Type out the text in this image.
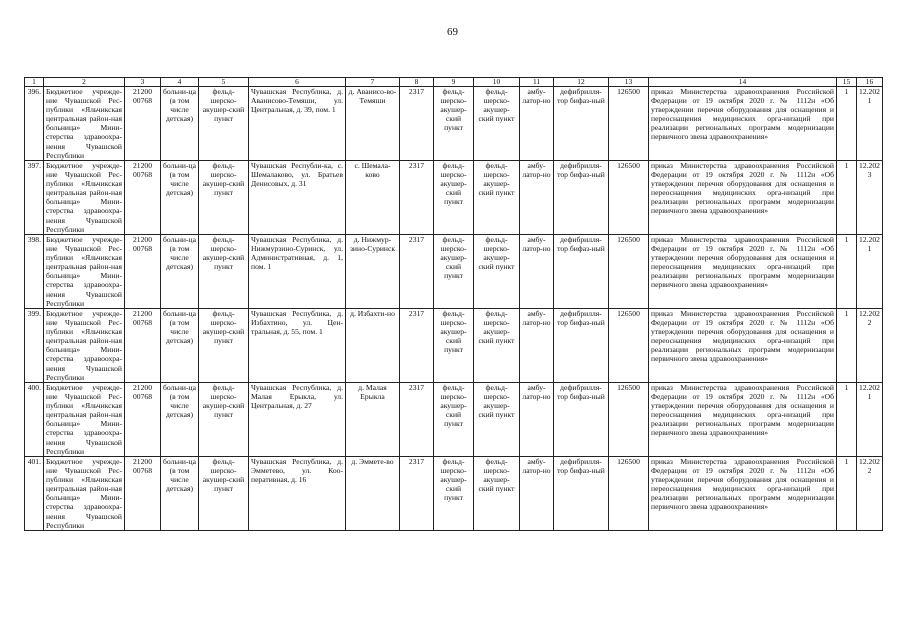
69
1	2	3	4	5	6	7	8	9	10	11	12	13	14	15	16
396.	Бюджетное учрежде-ние Чувашской Рес-публики «Яльчикская центральная район-ная больница» Мини-стерства здравоохра-нения Чувашской Республики	21200 00768	больни-ца (в том числе детская)	фельд-шерско-акушер-ский пункт	Чувашская Республика, д. Аванисово-Темяши, ул. Центральная, д. 39, пом. 1	д. Аванисо-во-Темяши	2317	фельд-шерско-акушер-ский пункт	фельд-шерско-акушер-ский пункт	амбу-латор-но	дефибрилля-тор бифаз-ный	126500	приказ Министерства здравоохранения Российской Федерации от 19 октября 2020 г. № 1112н «Об утверждении перечня оборудования для оснащения и переоснащения медицинских орга-низаций при реализации региональных программ модернизации первичного звена здравоохранения»	1	12.2021
397.	Бюджетное учрежде-ние Чувашской Рес-публики «Яльчикская центральная район-ная больница» Мини-стерства здравоохра-нения Чувашской Республики	21200 00768	больни-ца (в том числе детская)	фельд-шерско-акушер-ский пункт	Чувашская Республи-ка, с. Шемалаково, ул. Братьев Денисовых, д. 31	с. Шемала-ково	2317	фельд-шерско-акушер-ский пункт	фельд-шерско-акушер-ский пункт	амбу-латор-но	дефибрилля-тор бифаз-ный	126500	приказ Министерства здравоохранения Российской Федерации от 19 октября 2020 г. № 1112н «Об утверждении перечня оборудования для оснащения и переоснащения медицинских орга-низаций при реализации региональных программ модернизации первичного звена здравоохранения»	1	12.2023
398.	Бюджетное учрежде-ние Чувашской Рес-публики «Яльчикская центральная район-ная больница» Мини-стерства здравоохра-нения Чувашской Республики	21200 00768	больни-ца (в том числе детская)	фельд-шерско-акушер-ский пункт	Чувашская Республика, д. Нижмурзино-Суринск, ул. Административная, д. 1, пом. 1	д. Нижмур-зино-Суринск	2317	фельд-шерско-акушер-ский пункт	фельд-шерско-акушер-ский пункт	амбу-латор-но	дефибрилля-тор бифаз-ный	126500	приказ Министерства здравоохранения Российской Федерации от 19 октября 2020 г. № 1112н «Об утверждении перечня оборудования для оснащения и переоснащения медицинских орга-низаций при реализации региональных программ модернизации первичного звена здравоохранения»	1	12.2021
399.	Бюджетное учрежде-ние Чувашской Рес-публики «Яльчикская центральная район-ная больница» Мини-стерства здравоохра-нения Чувашской Республики	21200 00768	больни-ца (в том числе детская)	фельд-шерско-акушер-ский пункт	Чувашская Республика, д. Избахтино, ул. Цен-тральная, д. 55, пом. 1	д. Избахти-но	2317	фельд-шерско-акушер-ский пункт	фельд-шерско-акушер-ский пункт	амбу-латор-но	дефибрилля-тор бифаз-ный	126500	приказ Министерства здравоохранения Российской Федерации от 19 октября 2020 г. № 1112н «Об утверждении перечня оборудования для оснащения и переоснащения медицинских орга-низаций при реализации региональных программ модернизации первичного звена здравоохранения»	1	12.2022
400.	Бюджетное учрежде-ние Чувашской Рес-публики «Яльчикская центральная район-ная больница» Мини-стерства здравоохра-нения Чувашской Республики	21200 00768	больни-ца (в том числе детская)	фельд-шерско-акушер-ский пункт	Чувашская Республика, д. Малая Ерыкла, ул. Центральная, д. 27	д. Малая Ерыкла	2317	фельд-шерско-акушер-ский пункт	фельд-шерско-акушер-ский пункт	амбу-латор-но	дефибрилля-тор бифаз-ный	126500	приказ Министерства здравоохранения Российской Федерации от 19 октября 2020 г. № 1112н «Об утверждении перечня оборудования для оснащения и переоснащения медицинских орга-низаций при реализации региональных программ модернизации первичного звена здравоохранения»	1	12.2021
401.	Бюджетное учрежде-ние Чувашской Рес-публики «Яльчикская центральная район-ная больница» Мини-стерства здравоохра-нения Чувашской Республики	21200 00768	больни-ца (в том числе детская)	фельд-шерско-акушер-ский пункт	Чувашская Республика, д. Эмметево, ул. Коо-перативная, д. 16	д. Эммете-во	2317	фельд-шерско-акушер-ский пункт	фельд-шерско-акушер-ский пункт	амбу-латор-но	дефибрилля-тор бифаз-ный	126500	приказ Министерства здравоохранения Российской Федерации от 19 октября 2020 г. № 1112н «Об утверждении перечня оборудования для оснащения и переоснащения медицинских орга-низаций при реализации региональных программ модернизации первичного звена здравоохранения»	1	12.2022
